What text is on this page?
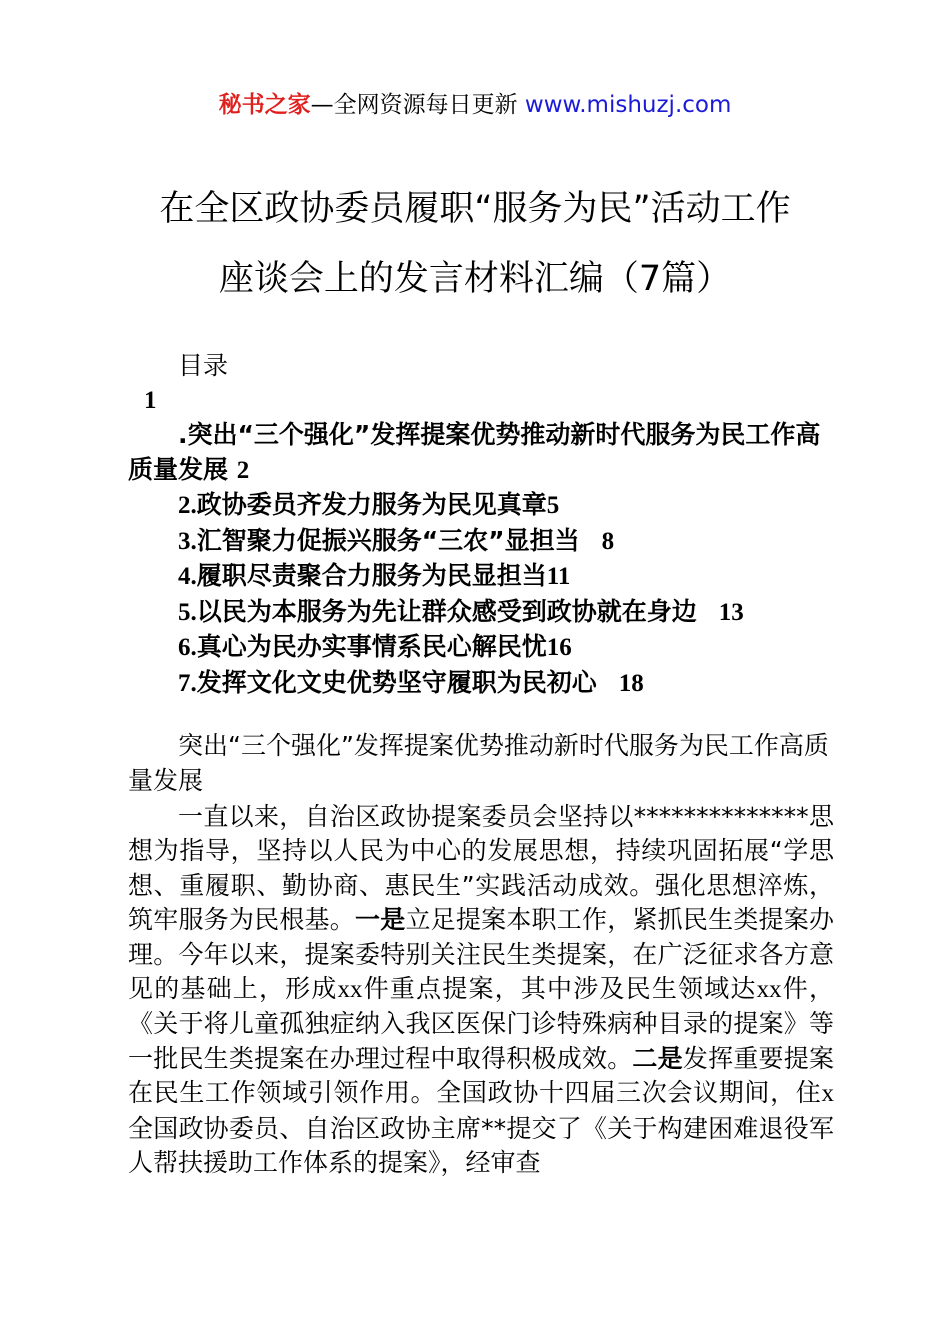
秘书之家—全网资源每日更新 www.mishuzj.com
在全区政协委员履职“服务为民”活动工作
座谈会上的发言材料汇编（7篇）
目录
1
.突出“三个强化”发挥提案优势推动新时代服务为民工作高质量发展 2
2.政协委员齐发力服务为民见真章5
3.汇智聚力促振兴服务“三农”显担当 8
4.履职尽责聚合力服务为民显担当11
5.以民为本服务为先让群众感受到政协就在身边 13
6.真心为民办实事情系民心解民忧16
7.发挥文化文史优势坚守履职为民初心 18
突出“三个强化”发挥提案优势推动新时代服务为民工作高质量发展
一直以来，自治区政协提案委员会坚持以**************思想为指导，坚持以人民为中心的发展思想，持续巩固拓展“学思想、重履职、勤协商、惠民生”实践活动成效。强化思想淬炼，筑牢服务为民根基。一是立足提案本职工作，紧抓民生类提案办理。今年以来，提案委特别关注民生类提案，在广泛征求各方意见的基础上，形成xx件重点提案，其中涉及民生领域达xx件，《关于将儿童孤独症纳入我区医保门诊特殊病种目录的提案》等一批民生类提案在办理过程中取得积极成效。二是发挥重要提案在民生工作领域引领作用。全国政协十四届三次会议期间，住x全国政协委员、自治区政协主席**提交了《关于构建困难退役军人帮扶援助工作体系的提案》，经审查
